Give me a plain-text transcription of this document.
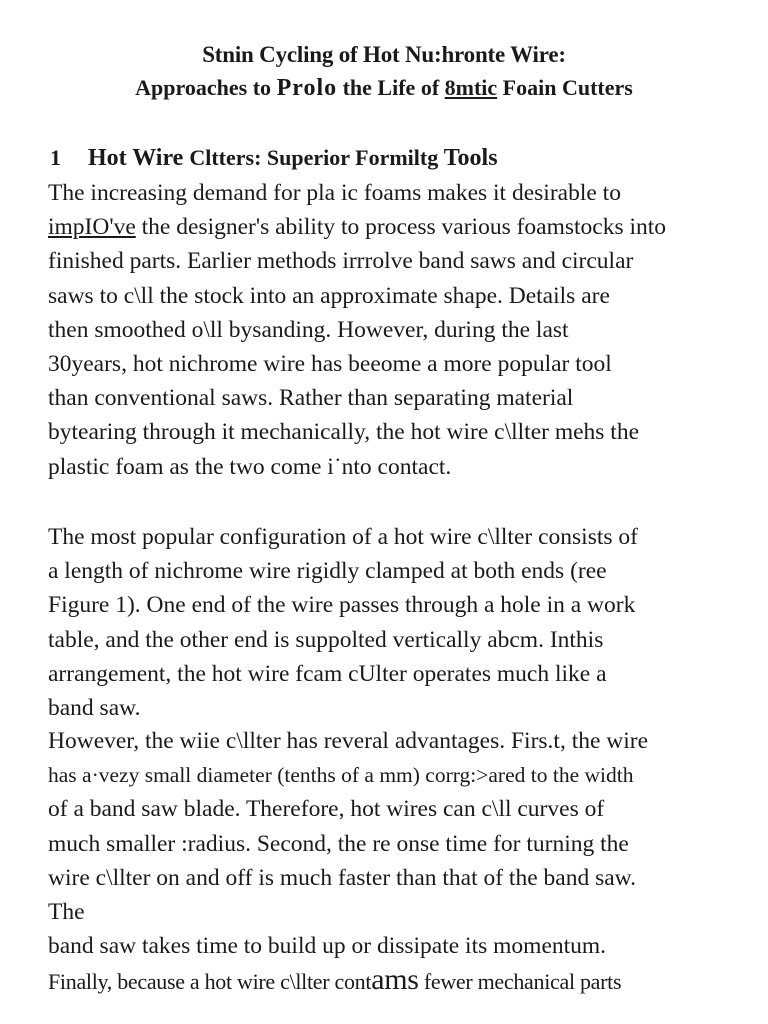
Stnin Cycling of Hot Nu:hronte Wire:
Approaches to Prolo the Life of 8mtic Foain Cutters
1 Hot Wire Cltters: Superior Formiltg Tools
The increasing demand for pla ic foams makes it desirable to
impIO've the designer's ability to process various foamstocks into
finished parts. Earlier methods irrrolve band saws and circular
saws to c\ll the stock into an approximate shape. Details are
then smoothed o\ll bysanding. However, during the last
30years, hot nichrome wire has beeome a more popular tool
than conventional saws. Rather than separating material
bytearing through it mechanically, the hot wire c\llter mehs the
plastic foam as the two come i˙nto contact.
The most popular configuration of a hot wire c\llter consists of
a length of nichrome wire rigidly clamped at both ends (ree
Figure 1). One end of the wire passes through a hole in a work
table, and the other end is suppolted vertically abcm. Inthis
arrangement, the hot wire fcam cUlter operates much like a
band saw.
However, the wiie c\llter has reveral advantages. Firs.t, the wire
has a·vezy small diameter (tenths of a mm) corrg:>ared to the width
of a band saw blade. Therefore, hot wires can c\ll curves of
much smaller :radius. Second, the re onse time for turning the
wire c\llter on and off is much faster than that of the band saw.
The
band saw takes time to build up or dissipate its momentum.
Finally, because a hot wire c\llter contams fewer mechanical parts
